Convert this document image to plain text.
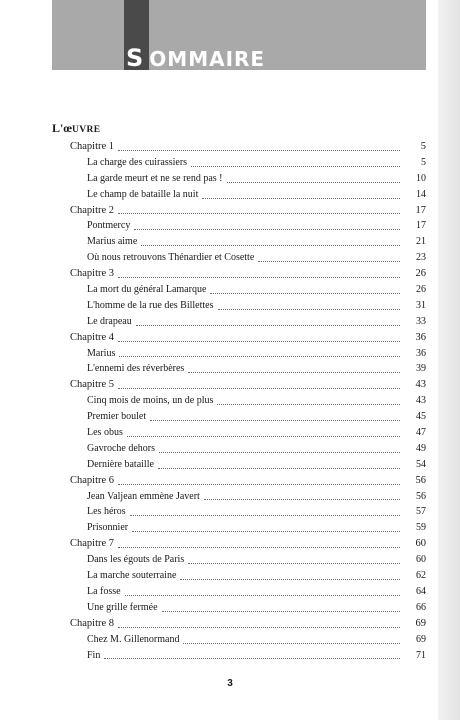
S OMMAIRE
L'œUVRE
Chapitre 1	5
La charge des cuirassiers	5
La garde meurt et ne se rend pas !	10
Le champ de bataille la nuit	14
Chapitre 2	17
Pontmercy	17
Marius aime	21
Où nous retrouvons Thénardier et Cosette	23
Chapitre 3	26
La mort du général Lamarque	26
L'homme de la rue des Billettes	31
Le drapeau	33
Chapitre 4	36
Marius	36
L'ennemi des réverbères	39
Chapitre 5	43
Cinq mois de moins, un de plus	43
Premier boulet	45
Les obus	47
Gavroche dehors	49
Dernière bataille	54
Chapitre 6	56
Jean Valjean emmène Javert	56
Les héros	57
Prisonnier	59
Chapitre 7	60
Dans les égouts de Paris	60
La marche souterraine	62
La fosse	64
Une grille fermée	66
Chapitre 8	69
Chez M. Gillenormand	69
Fin	71
3
